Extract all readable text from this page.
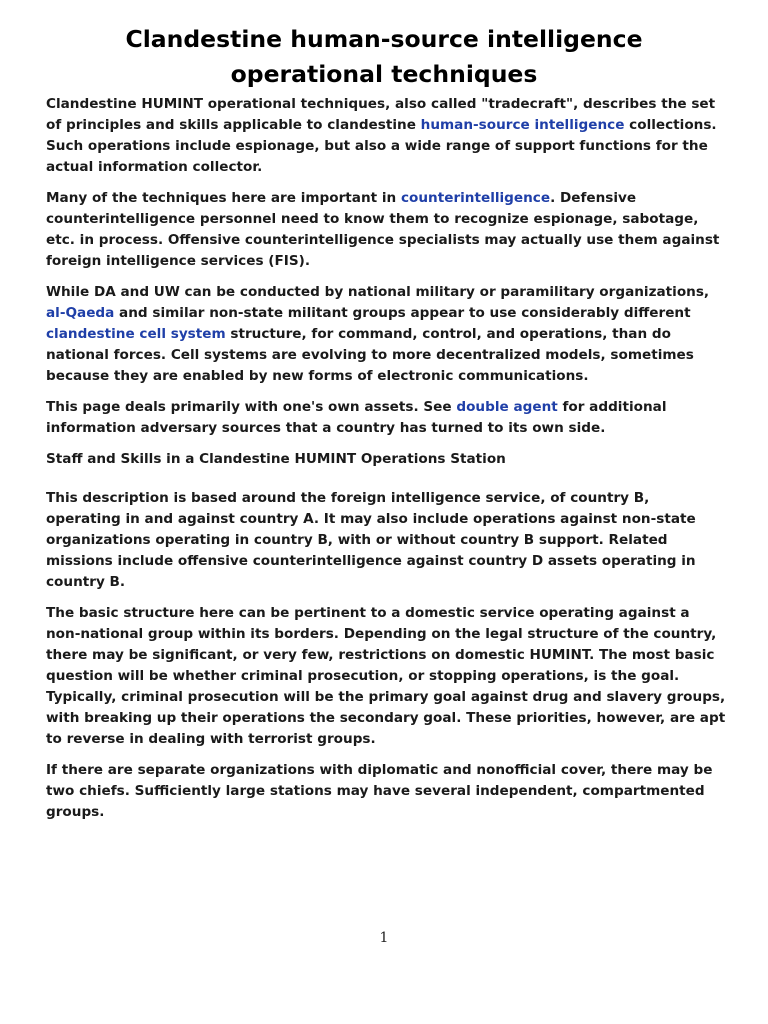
Clandestine human-source intelligence operational techniques

Clandestine HUMINT operational techniques, also called "tradecraft", describes the set of principles and skills applicable to clandestine human-source intelligence collections. Such operations include espionage, but also a wide range of support functions for the actual information collector.

Many of the techniques here are important in counterintelligence. Defensive counterintelligence personnel need to know them to recognize espionage, sabotage, etc. in process. Offensive counterintelligence specialists may actually use them against foreign intelligence services (FIS).

While DA and UW can be conducted by national military or paramilitary organizations, al-Qaeda and similar non-state militant groups appear to use considerably different clandestine cell system structure, for command, control, and operations, than do national forces. Cell systems are evolving to more decentralized models, sometimes because they are enabled by new forms of electronic communications.

This page deals primarily with one's own assets. See double agent for additional information adversary sources that a country has turned to its own side.

Staff and Skills in a Clandestine HUMINT Operations Station

This description is based around the foreign intelligence service, of country B, operating in and against country A. It may also include operations against non-state organizations operating in country B, with or without country B support. Related missions include offensive counterintelligence against country D assets operating in country B.

The basic structure here can be pertinent to a domestic service operating against a non-national group within its borders. Depending on the legal structure of the country, there may be significant, or very few, restrictions on domestic HUMINT. The most basic question will be whether criminal prosecution, or stopping operations, is the goal. Typically, criminal prosecution will be the primary goal against drug and slavery groups, with breaking up their operations the secondary goal. These priorities, however, are apt to reverse in dealing with terrorist groups.

If there are separate organizations with diplomatic and nonofficial cover, there may be two chiefs. Sufficiently large stations may have several independent, compartmented groups.

1
